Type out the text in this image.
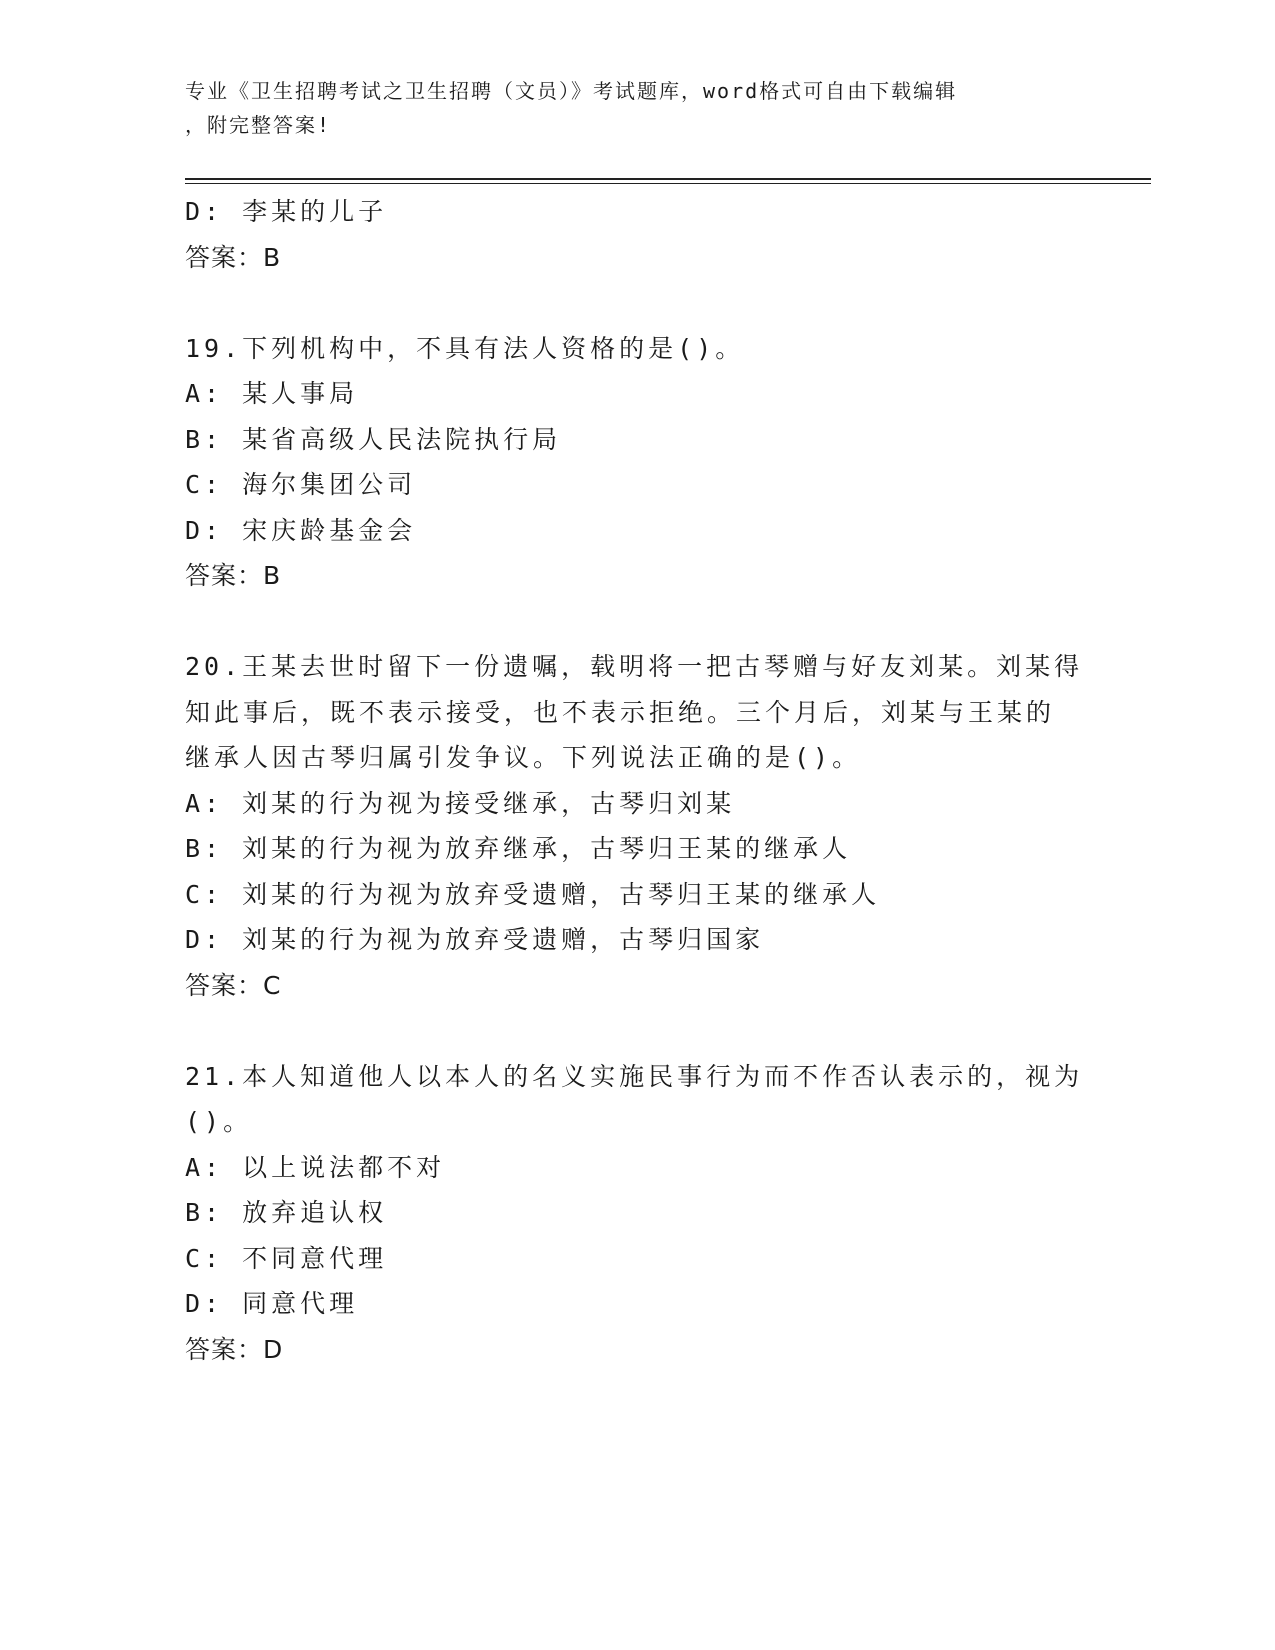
专业《卫生招聘考试之卫生招聘（文员）》考试题库，word格式可自由下载编辑
，附完整答案!
D: 李某的儿子
答案：B
19.下列机构中，不具有法人资格的是()。
A: 某人事局
B: 某省高级人民法院执行局
C: 海尔集团公司
D: 宋庆龄基金会
答案：B
20.王某去世时留下一份遗嘱，载明将一把古琴赠与好友刘某。刘某得
知此事后，既不表示接受，也不表示拒绝。三个月后，刘某与王某的
继承人因古琴归属引发争议。下列说法正确的是()。
A: 刘某的行为视为接受继承，古琴归刘某
B: 刘某的行为视为放弃继承，古琴归王某的继承人
C: 刘某的行为视为放弃受遗赠，古琴归王某的继承人
D: 刘某的行为视为放弃受遗赠，古琴归国家
答案：C
21.本人知道他人以本人的名义实施民事行为而不作否认表示的，视为
()。
A: 以上说法都不对
B: 放弃追认权
C: 不同意代理
D: 同意代理
答案：D
